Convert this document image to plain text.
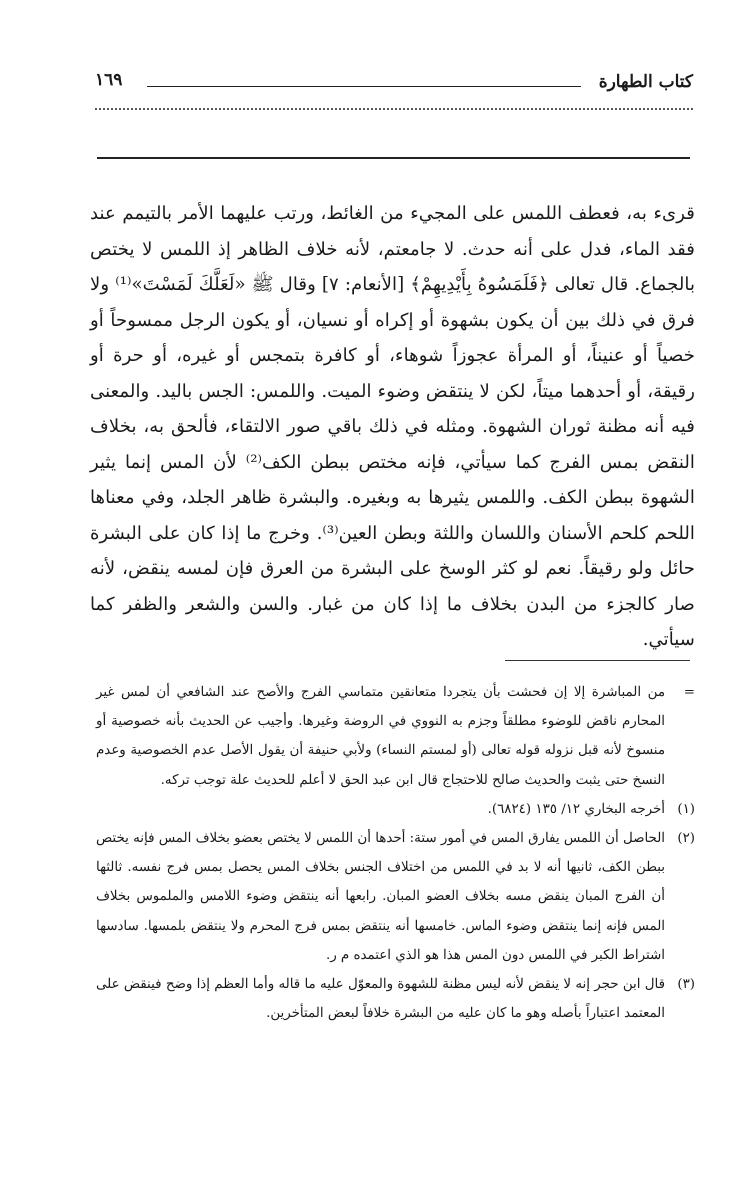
كتاب الطهارة
١٦٩

قرىء به، فعطف اللمس على المجيء من الغائط، ورتب عليهما الأمر بالتيمم عند فقد الماء، فدل على أنه حدث. لا جامعتم، لأنه خلاف الظاهر إذ اللمس لا يختص بالجماع. قال تعالى ﴿فَلَمَسُوهُ بِأَيْدِيهِمْ﴾ [الأنعام: ٧] وقال ﷺ «لَعَلَّكَ لَمَسْتَ»⁽¹⁾ ولا فرق في ذلك بين أن يكون بشهوة أو إكراه أو نسيان، أو يكون الرجل ممسوحاً أو خصياً أو عنيناً، أو المرأة عجوزاً شوهاء، أو كافرة بتمجس أو غيره، أو حرة أو رقيقة، أو أحدهما ميتاً، لكن لا ينتقض وضوء الميت. واللمس: الجس باليد. والمعنى فيه أنه مظنة ثوران الشهوة. ومثله في ذلك باقي صور الالتقاء، فألحق به، بخلاف النقض بمس الفرج كما سيأتي، فإنه مختص ببطن الكف⁽²⁾ لأن المس إنما يثير الشهوة ببطن الكف. واللمس يثيرها به وبغيره. والبشرة ظاهر الجلد، وفي معناها اللحم كلحم الأسنان واللسان واللثة وبطن العين⁽³⁾. وخرج ما إذا كان على البشرة حائل ولو رقيقاً. نعم لو كثر الوسخ على البشرة من العرق فإن لمسه ينقض، لأنه صار كالجزء من البدن بخلاف ما إذا كان من غبار. والسن والشعر والظفر كما سيأتي.

=
من المباشرة إلا إن فحشت بأن يتجردا متعانقين متماسي الفرج والأصح عند الشافعي أن لمس غير المحارم ناقض للوضوء مطلقاً وجزم به النووي في الروضة وغيرها. وأجيب عن الحديث بأنه خصوصية أو منسوخ لأنه قبل نزوله قوله تعالى (أو لمستم النساء) ولأبي حنيفة أن يقول الأصل عدم الخصوصية وعدم النسخ حتى يثبت والحديث صالح للاحتجاج قال ابن عبد الحق لا أعلم للحديث علة توجب تركه.
(١)
أخرجه البخاري ١٢/ ١٣٥ (٦٨٢٤).
(٢)
الحاصل أن اللمس يفارق المس في أمور ستة: أحدها أن اللمس لا يختص بعضو بخلاف المس فإنه يختص ببطن الكف، ثانيها أنه لا بد في اللمس من اختلاف الجنس بخلاف المس يحصل بمس فرج نفسه. ثالثها أن الفرج المبان ينقض مسه بخلاف العضو المبان. رابعها أنه ينتقض وضوء اللامس والملموس بخلاف المس فإنه إنما ينتقض وضوء الماس. خامسها أنه ينتقض بمس فرج المحرم ولا ينتقض بلمسها. سادسها اشتراط الكبر في اللمس دون المس هذا هو الذي اعتمده م ر.
(٣)
قال ابن حجر إنه لا ينقض لأنه ليس مظنة للشهوة والمعوّل عليه ما قاله وأما العظم إذا وضح فينقض على المعتمد اعتباراً بأصله وهو ما كان عليه من البشرة خلافاً لبعض المتأخرين.
